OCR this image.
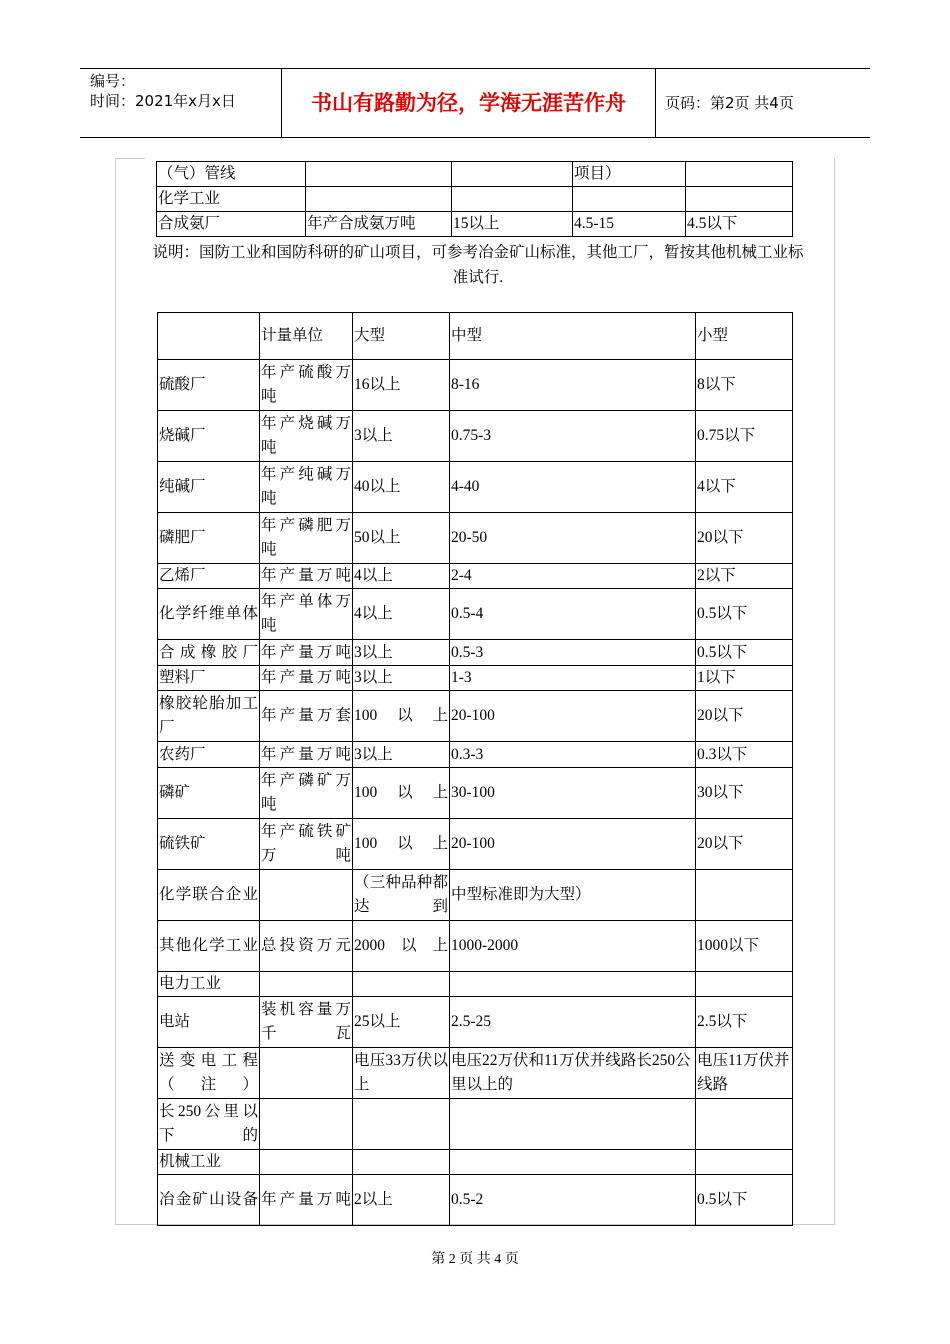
编号：
时间：2021年x月x日	书山有路勤为径，学海无涯苦作舟	页码：第2页 共4页
（气）管线			项目）	
化学工业				
合成氨厂	年产合成氨万吨	15以上	4.5-15	4.5以下
说明：国防工业和国防科研的矿山项目，可参考冶金矿山标准，其他工厂，暂按其他机械工业标准试行.
	计量单位	大型	中型	小型
硫酸厂	年产硫酸万吨	16以上	8-16	8以下
烧碱厂	年产烧碱万吨	3以上	0.75-3	0.75以下
纯碱厂	年产纯碱万吨	40以上	4-40	4以下
磷肥厂	年产磷肥万吨	50以上	20-50	20以下
乙烯厂	年产量万吨	4以上	2-4	2以下
化学纤维单体	年产单体万吨	4以上	0.5-4	0.5以下
合成橡胶厂	年产量万吨	3以上	0.5-3	0.5以下
塑料厂	年产量万吨	3以上	1-3	1以下
橡胶轮胎加工厂	年产量万套	100以上	20-100	20以下
农药厂	年产量万吨	3以上	0.3-3	0.3以下
磷矿	年产磷矿万吨	100以上	30-100	30以下
硫铁矿	年产硫铁矿万吨	100以上	20-100	20以下
化学联合企业		（三种品种都达到	中型标准即为大型）	
其他化学工业	总投资万元	2000以上	1000-2000	1000以下
电力工业				
电站	装机容量万千瓦	25以上	2.5-25	2.5以下
送变电工程（注）		电压33万伏以上	电压22万伏和11万伏并线路长250公里以上的	电压11万伏并线路
长250公里以下的				
机械工业				
冶金矿山设备	年产量万吨	2以上	0.5-2	0.5以下
第 2 页 共 4 页
